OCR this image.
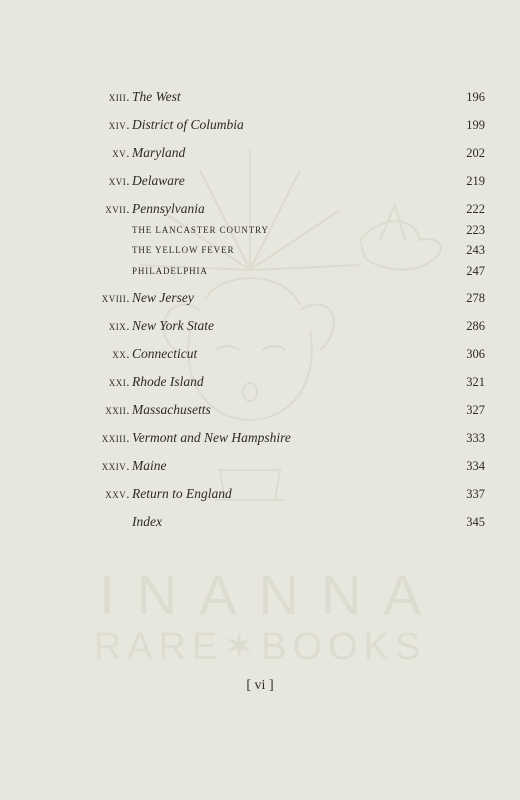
INANNA
RARE✶BOOKS
xiii. The West	196
xiv. District of Columbia	199
xv. Maryland	202
xvi. Delaware	219
xvii. Pennsylvania	222
THE LANCASTER COUNTRY	223
THE YELLOW FEVER	243
PHILADELPHIA	247
xviii. New Jersey	278
xix. New York State	286
xx. Connecticut	306
xxi. Rhode Island	321
xxii. Massachusetts	327
xxiii. Vermont and New Hampshire	333
xxiv. Maine	334
xxv. Return to England	337
Index	345
[ vi ]
